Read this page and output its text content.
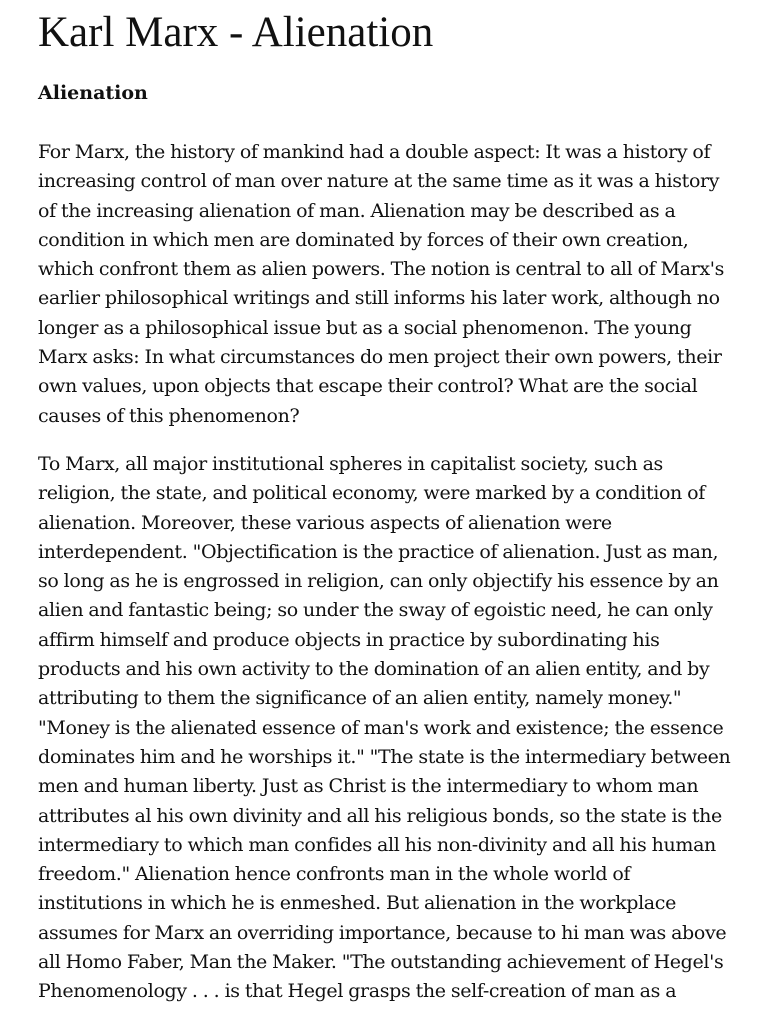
Karl Marx - Alienation
Alienation

For Marx, the history of mankind had a double aspect: It was a history of increasing control of man over nature at the same time as it was a history of the increasing alienation of man. Alienation may be described as a condition in which men are dominated by forces of their own creation, which confront them as alien powers. The notion is central to all of Marx's earlier philosophical writings and still informs his later work, although no longer as a philosophical issue but as a social phenomenon. The young Marx asks: In what circumstances do men project their own powers, their own values, upon objects that escape their control? What are the social causes of this phenomenon?

To Marx, all major institutional spheres in capitalist society, such as religion, the state, and political economy, were marked by a condition of alienation. Moreover, these various aspects of alienation were interdependent. "Objectification is the practice of alienation. Just as man, so long as he is engrossed in religion, can only objectify his essence by an alien and fantastic being; so under the sway of egoistic need, he can only affirm himself and produce objects in practice by subordinating his products and his own activity to the domination of an alien entity, and by attributing to them the significance of an alien entity, namely money." "Money is the alienated essence of man's work and existence; the essence dominates him and he worships it." "The state is the intermediary between men and human liberty. Just as Christ is the intermediary to whom man attributes al his own divinity and all his religious bonds, so the state is the intermediary to which man confides all his non-divinity and all his human freedom." Alienation hence confronts man in the whole world of institutions in which he is enmeshed. But alienation in the workplace assumes for Marx an overriding importance, because to hi man was above all Homo Faber, Man the Maker. "The outstanding achievement of Hegel's Phenomenology . . . is that Hegel grasps the self-creation of man as a
